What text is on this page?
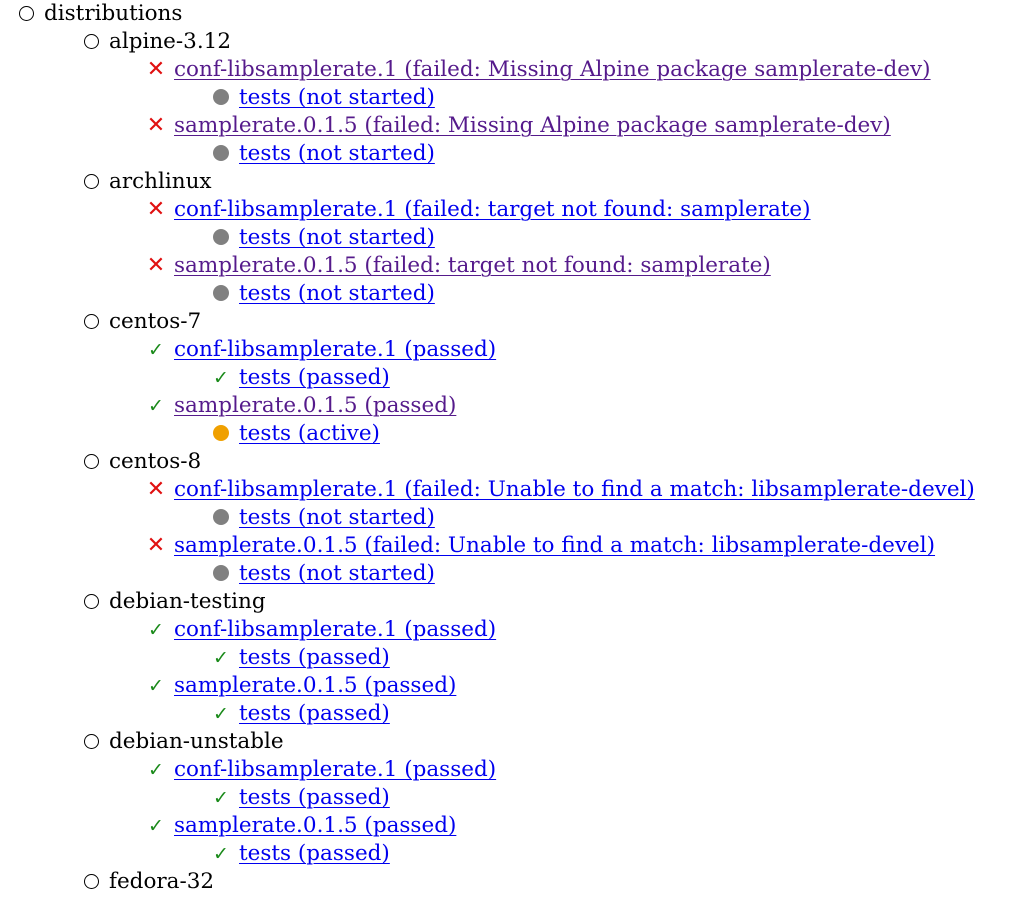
distributions
alpine-3.12
✕ conf-libsamplerate.1 (failed: Missing Alpine package samplerate-dev)
tests (not started)
✕ samplerate.0.1.5 (failed: Missing Alpine package samplerate-dev)
tests (not started)
archlinux
✕ conf-libsamplerate.1 (failed: target not found: samplerate)
tests (not started)
✕ samplerate.0.1.5 (failed: target not found: samplerate)
tests (not started)
centos-7
✓ conf-libsamplerate.1 (passed)
✓ tests (passed)
✓ samplerate.0.1.5 (passed)
tests (active)
centos-8
✕ conf-libsamplerate.1 (failed: Unable to find a match: libsamplerate-devel)
tests (not started)
✕ samplerate.0.1.5 (failed: Unable to find a match: libsamplerate-devel)
tests (not started)
debian-testing
✓ conf-libsamplerate.1 (passed)
✓ tests (passed)
✓ samplerate.0.1.5 (passed)
✓ tests (passed)
debian-unstable
✓ conf-libsamplerate.1 (passed)
✓ tests (passed)
✓ samplerate.0.1.5 (passed)
✓ tests (passed)
fedora-32
